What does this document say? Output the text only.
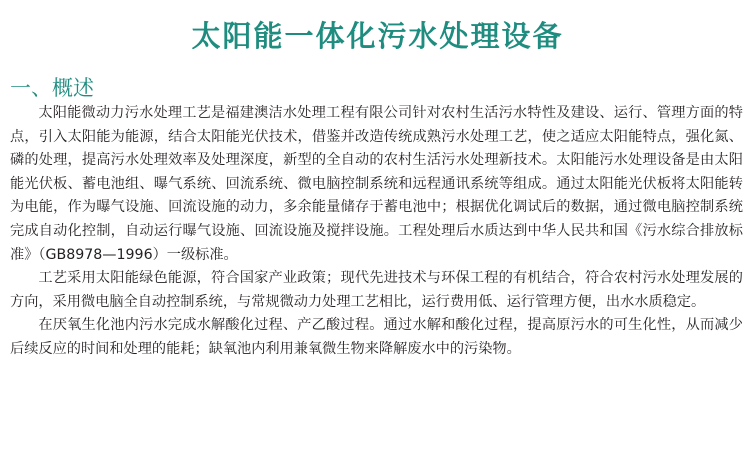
太阳能一体化污水处理设备
一、概述

太阳能微动力污水处理工艺是福建澳洁水处理工程有限公司针对农村生活污水特性及建设、运行、管理方面的特点，引入太阳能为能源，结合太阳能光伏技术，借鉴并改造传统成熟污水处理工艺，使之适应太阳能特点，强化氮、磷的处理，提高污水处理效率及处理深度，新型的全自动的农村生活污水处理新技术。太阳能污水处理设备是由太阳能光伏板、蓄电池组、曝气系统、回流系统、微电脑控制系统和远程通讯系统等组成。通过太阳能光伏板将太阳能转为电能，作为曝气设施、回流设施的动力，多余能量储存于蓄电池中；根据优化调试后的数据，通过微电脑控制系统完成自动化控制，自动运行曝气设施、回流设施及搅拌设施。工程处理后水质达到中华人民共和国《污水综合排放标准》（GB8978—1996）一级标准。

工艺采用太阳能绿色能源，符合国家产业政策；现代先进技术与环保工程的有机结合，符合农村污水处理发展的方向，采用微电脑全自动控制系统，与常规微动力处理工艺相比，运行费用低、运行管理方便，出水水质稳定。

在厌氧生化池内污水完成水解酸化过程、产乙酸过程。通过水解和酸化过程，提高原污水的可生化性，从而减少后续反应的时间和处理的能耗；缺氧池内利用兼氧微生物来降解废水中的污染物。
